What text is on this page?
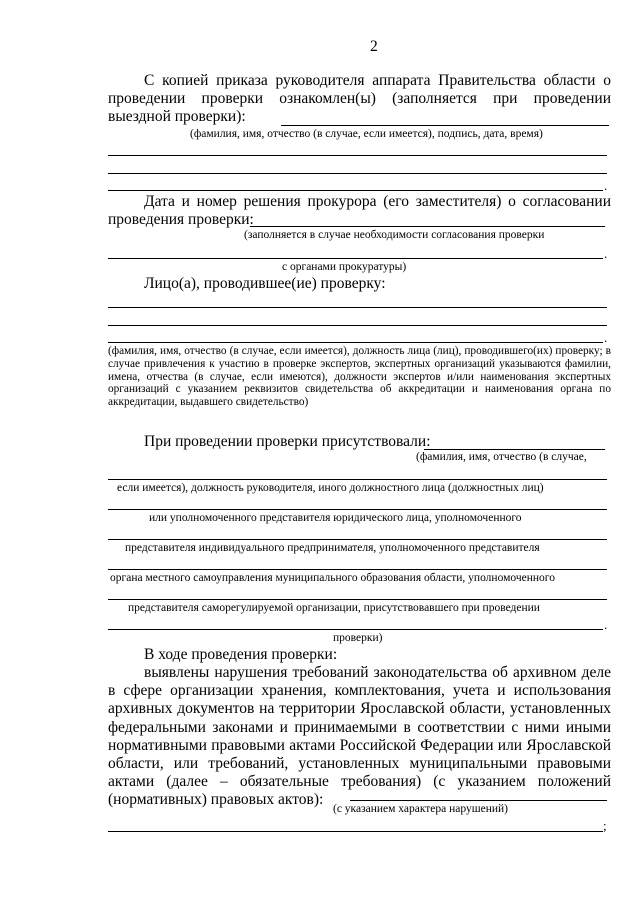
2
С копией приказа руководителя аппарата Правительства области о проведении проверки ознакомлен(ы) (заполняется при проведении выездной проверки):
(фамилия, имя, отчество (в случае, если имеется), подпись, дата, время)
.
Дата и номер решения прокурора (его заместителя) о согласовании проведения проверки:
(заполняется в случае необходимости согласования проверки
.
с органами прокуратуры)
Лицо(а), проводившее(ие) проверку:
.
(фамилия, имя, отчество (в случае, если имеется), должность лица (лиц), проводившего(их) проверку; в случае привлечения к участию в проверке экспертов, экспертных организаций указываются фамилии, имена, отчества (в случае, если имеются), должности экспертов и/или наименования экспертных организаций с указанием реквизитов свидетельства об аккредитации и наименования органа по аккредитации, выдавшего свидетельство)
При проведении проверки присутствовали:
(фамилия, имя, отчество (в случае,
если имеется), должность руководителя, иного должностного лица (должностных лиц)
или уполномоченного представителя юридического лица, уполномоченного
представителя индивидуального предпринимателя, уполномоченного представителя
органа местного самоуправления муниципального образования области, уполномоченного
представителя саморегулируемой организации, присутствовавшего при проведении
.
проверки)
В ходе проведения проверки:
выявлены нарушения требований законодательства об архивном деле в сфере организации хранения, комплектования, учета и использования архивных документов на территории Ярославской области, установленных федеральными законами и принимаемыми в соответствии с ними иными нормативными правовыми актами Российской Федерации или Ярославской области, или требований, установленных муниципальными правовыми актами (далее – обязательные требования) (с указанием положений (нормативных) правовых актов):
(с указанием характера нарушений)
;
